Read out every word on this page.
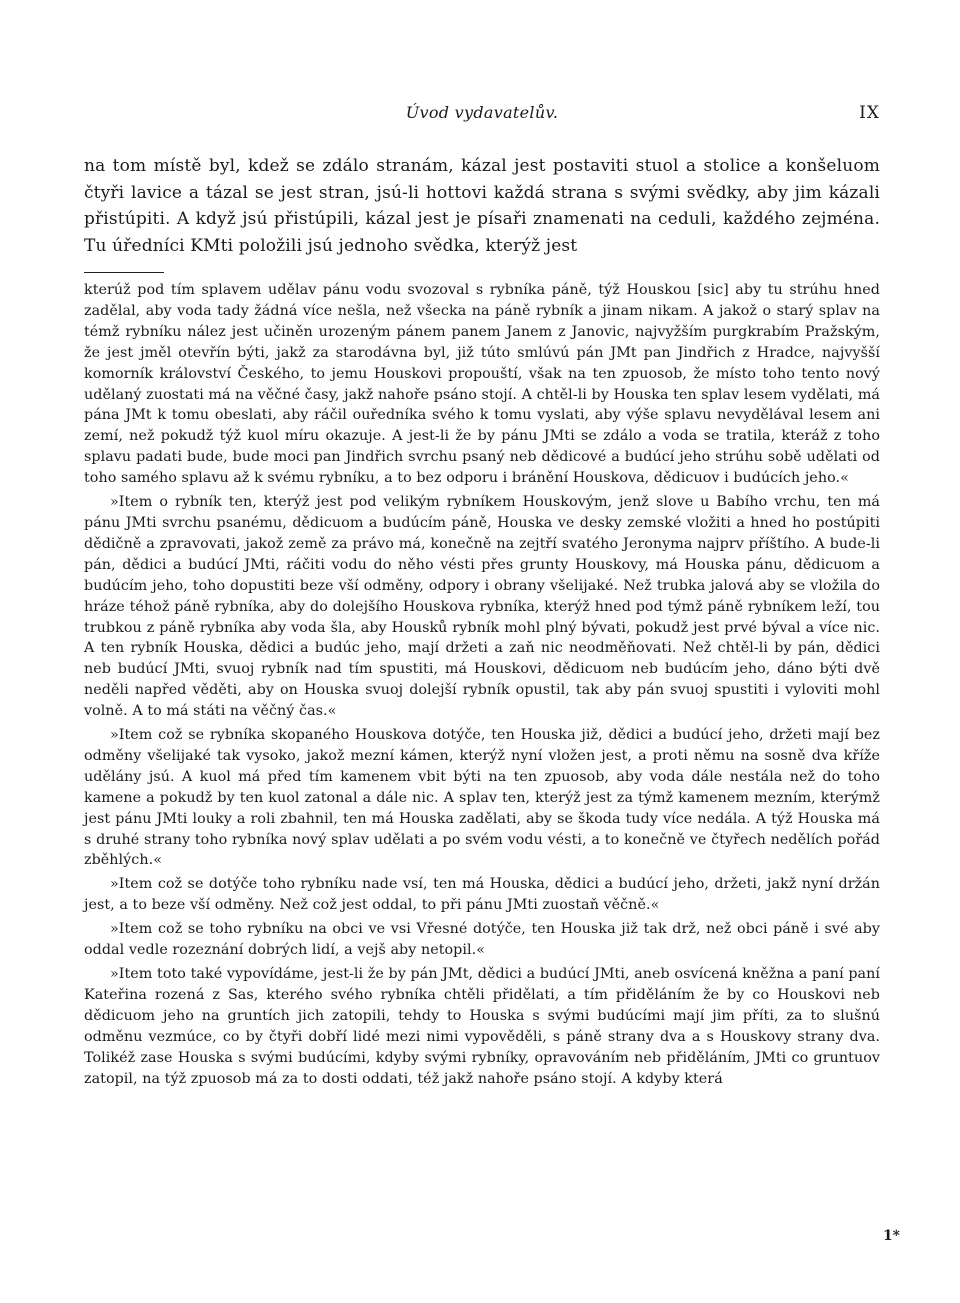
Úvod vydavatelův.	IX

na tom místě byl, kdež se zdálo stranám, kázal jest postaviti stuol a stolice a konšeluom čtyři lavice a tázal se jest stran, jsú-li hottovi každá strana s svými svědky, aby jim kázali přistúpiti. A když jsú přistúpili, kázal jest je písaři znamenati na ceduli, každého zejména. Tu úředníci KMti položili jsú jednoho svědka, kterýž jest

kterúž pod tím splavem udělav pánu vodu svozoval s rybníka páně, týž Houskou [sic] aby tu strúhu hned zadělal, aby voda tady žádná více nešla, než všecka na páně rybník a jinam nikam. A jakož o starý splav na témž rybníku nález jest učiněn urozeným pánem panem Janem z Janovic, najvyžším purgkrabím Pražským, že jest jměl otevřín býti, jakž za starodávna byl, již túto smlúvú pán JMt pan Jindřich z Hradce, najvyšší komorník království Českého, to jemu Houskovi propouští, však na ten zpuosob, že místo toho tento nový udělaný zuostati má na věčné časy, jakž nahoře psáno stojí. A chtěl-li by Houska ten splav lesem vydělati, má pána JMt k tomu obeslati, aby ráčil ouředníka svého k tomu vyslati, aby výše splavu nevydělával lesem ani zemí, než pokudž týž kuol míru okazuje. A jest-li že by pánu JMti se zdálo a voda se tratila, kteráž z toho splavu padati bude, bude moci pan Jindřich svrchu psaný neb dědicové a budúcí jeho strúhu sobě udělati od toho samého splavu až k svému rybníku, a to bez odporu i bránění Houskova, dědicuov i budúcích jeho.«

»Item o rybník ten, kterýž jest pod velikým rybníkem Houskovým, jenž slove u Babího vrchu, ten má pánu JMti svrchu psanému, dědicuom a budúcím páně, Houska ve desky zemské vložiti a hned ho postúpiti dědičně a zpravovati, jakož země za právo má, konečně na zejtří svatého Jeronyma najprv příštího. A bude-li pán, dědici a budúcí JMti, ráčiti vodu do něho vésti přes grunty Houskovy, má Houska pánu, dědicuom a budúcím jeho, toho dopustiti beze vší odměny, odpory i obrany všelijaké. Než trubka jalová aby se vložila do hráze téhož páně rybníka, aby do dolejšího Houskova rybníka, kterýž hned pod týmž páně rybníkem leží, tou trubkou z páně rybníka aby voda šla, aby Housků rybník mohl plný bývati, pokudž jest prvé býval a více nic. A ten rybník Houska, dědici a budúc jeho, mají držeti a zaň nic neodměňovati. Než chtěl-li by pán, dědici neb budúcí JMti, svuoj rybník nad tím spustiti, má Houskovi, dědicuom neb budúcím jeho, dáno býti dvě neděli napřed věděti, aby on Houska svuoj dolejší rybník opustil, tak aby pán svuoj spustiti i vyloviti mohl volně. A to má státi na věčný čas.«

»Item což se rybníka skopaného Houskova dotýče, ten Houska již, dědici a budúcí jeho, držeti mají bez odměny všelijaké tak vysoko, jakož mezní kámen, kterýž nyní vložen jest, a proti němu na sosně dva kříže udělány jsú. A kuol má před tím kamenem vbit býti na ten zpuosob, aby voda dále nestála než do toho kamene a pokudž by ten kuol zatonal a dále nic. A splav ten, kterýž jest za týmž kamenem mezním, kterýmž jest pánu JMti louky a roli zbahnil, ten má Houska zadělati, aby se škoda tudy více nedála. A týž Houska má s druhé strany toho rybníka nový splav udělati a po svém vodu vésti, a to konečně ve čtyřech nedělích pořád zběhlých.«

»Item což se dotýče toho rybníku nade vsí, ten má Houska, dědici a budúcí jeho, držeti, jakž nyní držán jest, a to beze vší odměny. Než což jest oddal, to při pánu JMti zuostaň věčně.«

»Item což se toho rybníku na obci ve vsi Vřesné dotýče, ten Houska již tak drž, než obci páně i své aby oddal vedle rozeznání dobrých lidí, a vejš aby netopil.«

»Item toto také vypovídáme, jest-li že by pán JMt, dědici a budúcí JMti, aneb osvícená kněžna a paní paní Kateřina rozená z Sas, kterého svého rybníka chtěli přidělati, a tím přiděláním že by co Houskovi neb dědicuom jeho na gruntích jich zatopili, tehdy to Houska s svými budúcími mají jim příti, za to slušnú odměnu vezmúce, co by čtyři dobří lidé mezi nimi vypověděli, s páně strany dva a s Houskovy strany dva. Tolikéž zase Houska s svými budúcími, kdyby svými rybníky, opravováním neb přiděláním, JMti co gruntuov zatopil, na týž zpuosob má za to dosti oddati, též jakž nahoře psáno stojí. A kdyby která

1*
